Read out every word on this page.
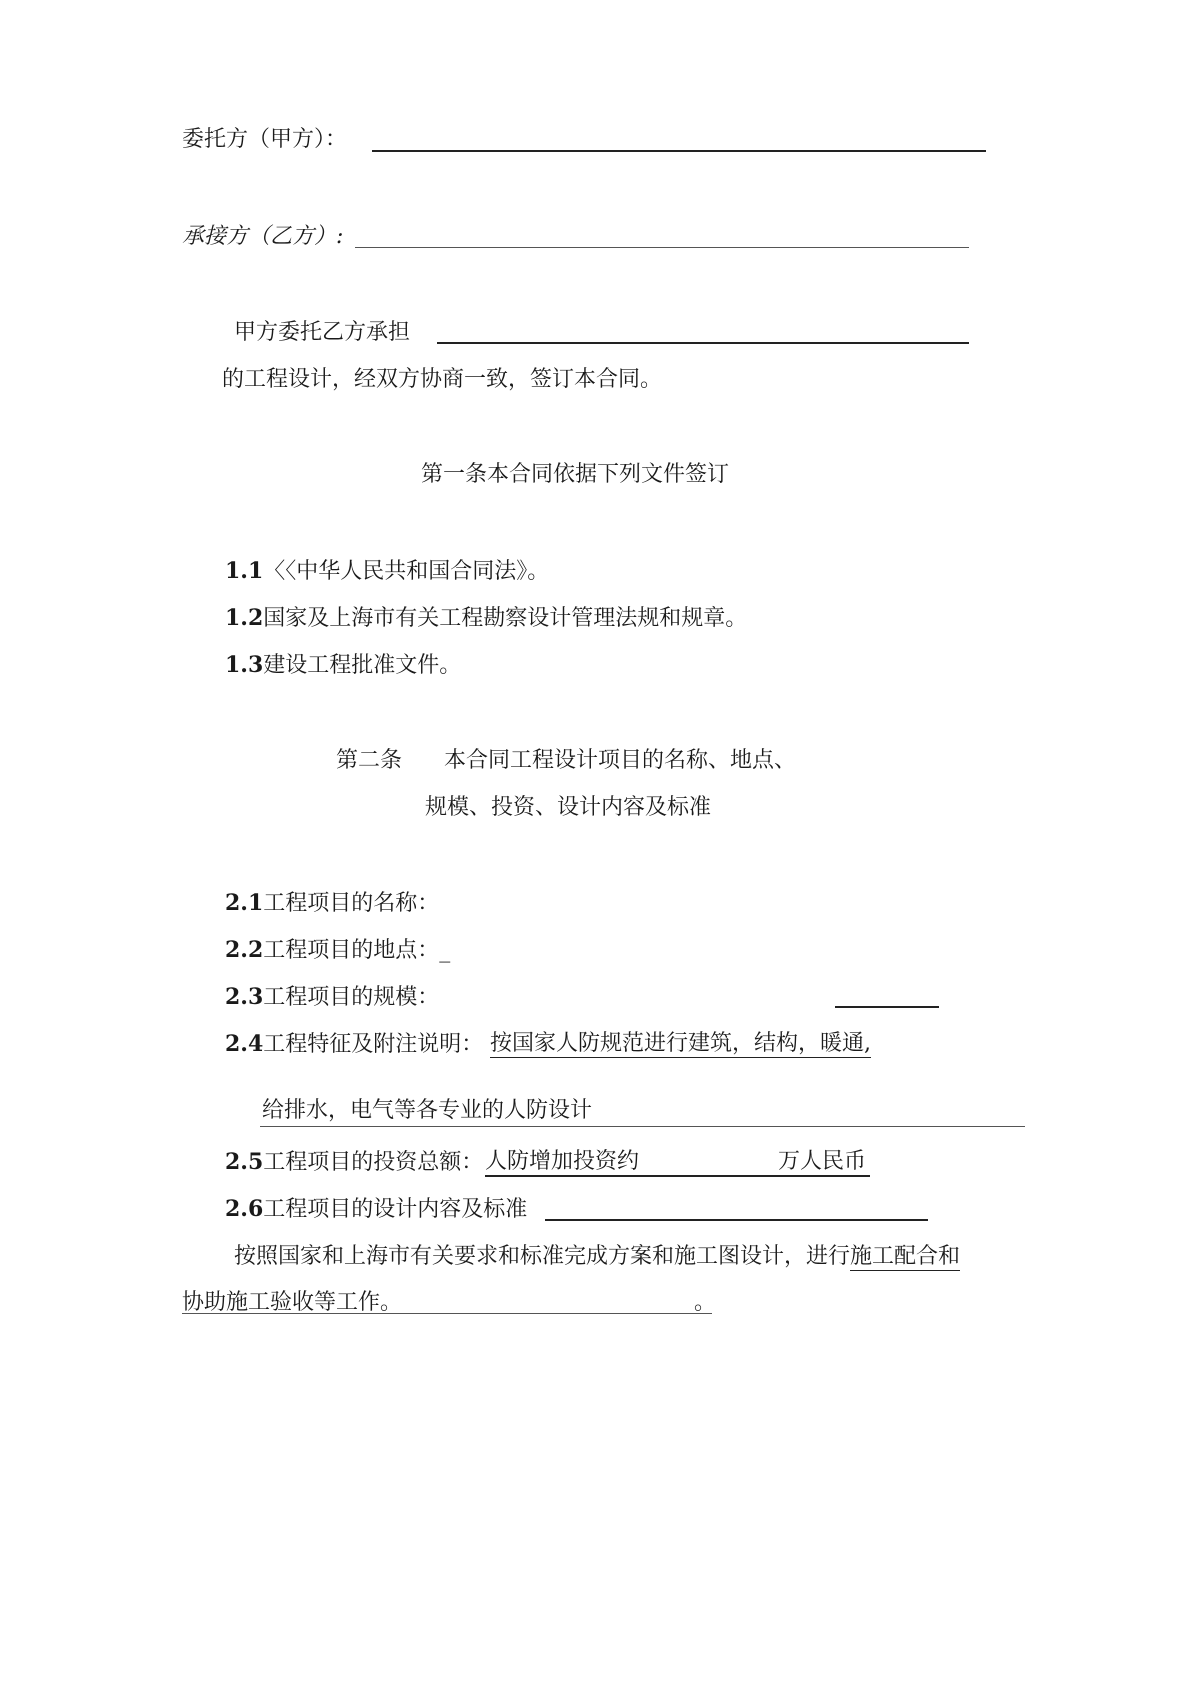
委托方（甲方）：
承接方（乙方）:
甲方委托乙方承担
的工程设计，经双方协商一致，签订本合同。
第一条本合同依据下列文件签订
1.1〈〈中华人民共和国合同法》。
1.2国家及上海市有关工程勘察设计管理法规和规章。
1.3建设工程批准文件。
第二条 本合同工程设计项目的名称、地点、
规模、投资、设计内容及标准
2.1工程项目的名称：
2.2工程项目的地点：_
2.3工程项目的规模：
2.4工程特征及附注说明： 按国家人防规范进行建筑，结构，暖通,
给排水，电气等各专业的人防设计
2.5工程项目的投资总额： 人防增加投资约	万人民币
2.6工程项目的设计内容及标准
按照国家和上海市有关要求和标准完成方案和施工图设计，进行施工配合和
协助施工验收等工作。	。
